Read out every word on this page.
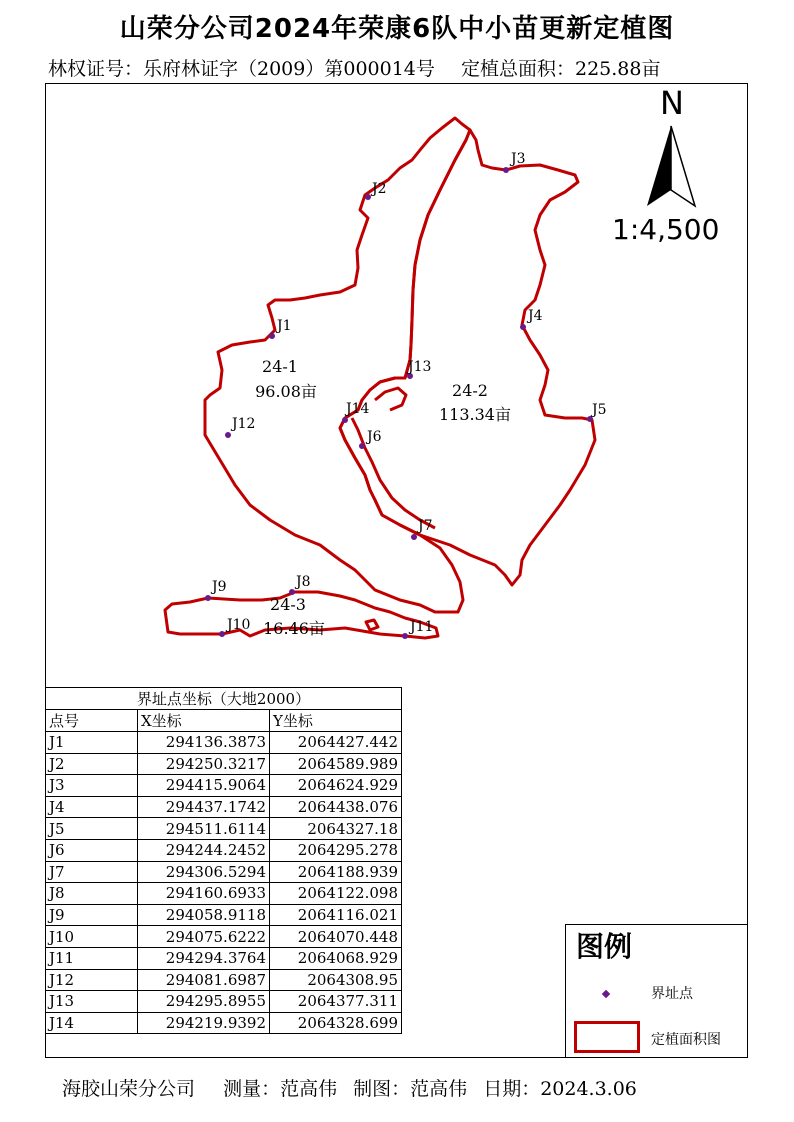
山荣分公司2024年荣康6队中小苗更新定植图
林权证号：乐府林证字（2009）第000014号 定植总面积：225.88亩
J1
J2
J3
J4
J5
J6
J7
J8
J9
J10	J11
J12
J13
J14
24-1
96.08亩	24-2
113.34亩
24-3
16.46亩
N
1:4,500
界址点坐标（大地2000）		
点号	X坐标	Y坐标
J1	294136.3873	2064427.442
J2	294250.3217	2064589.989
J3	294415.9064	2064624.929
J4	294437.1742	2064438.076
J5	294511.6114	2064327.18
J6	294244.2452	2064295.278
J7	294306.5294	2064188.939
J8	294160.6933	2064122.098
J9	294058.9118	2064116.021
J10	294075.6222	2064070.448
J11	294294.3764	2064068.929
J12	294081.6987	2064308.95
J13	294295.8955	2064377.311
J14	294219.9392	2064328.699
图例
界址点
定植面积图
海胶山荣分公司 测量：范高伟 制图：范高伟 日期：2024.3.06
